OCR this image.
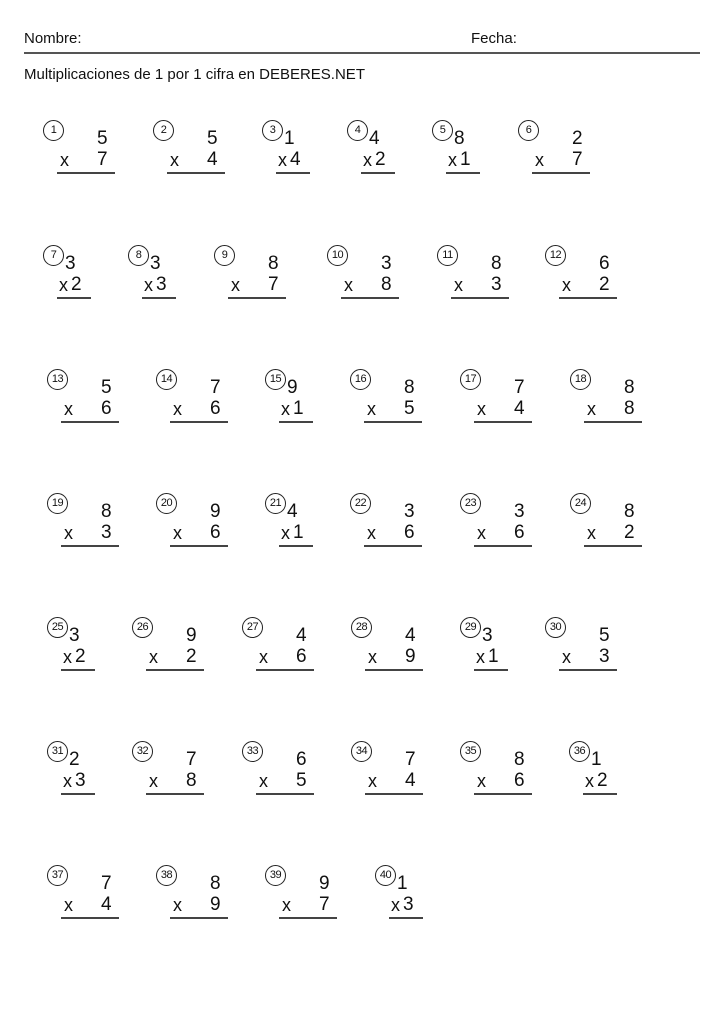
Nombre:	Fecha:
Multiplicaciones de 1 por 1 cifra en DEBERES.NET
1	5
x 7
2	5
x 4
3 1
x 4
4 4
x 2
5 8
x 1
6	2
x 7
7 3
x 2
8 3
x 3
9	8
x 7
10 3
x 8
11 8
x 3
12 6
x 2
13 5
x 6
14 7
x 6
15 9
x 1
16 8
x 5
17 7
x 4
18 8
x 8
19 8
x 3
20 9
x 6
21 4
x 1
22 3
x 6
23 3
x 6
24 8
x 2
25 3
x 2
26 9
x 2
27 4
x 6
28 4
x 9
29 3
x 1
30 5
x 3
31 2
x 3
32 7
x 8
33 6
x 5
34 7
x 4
35 8
x 6
36 1
x 2
37 7
x 4
38 8
x 9
39 9
x 7
40 1
x 3
